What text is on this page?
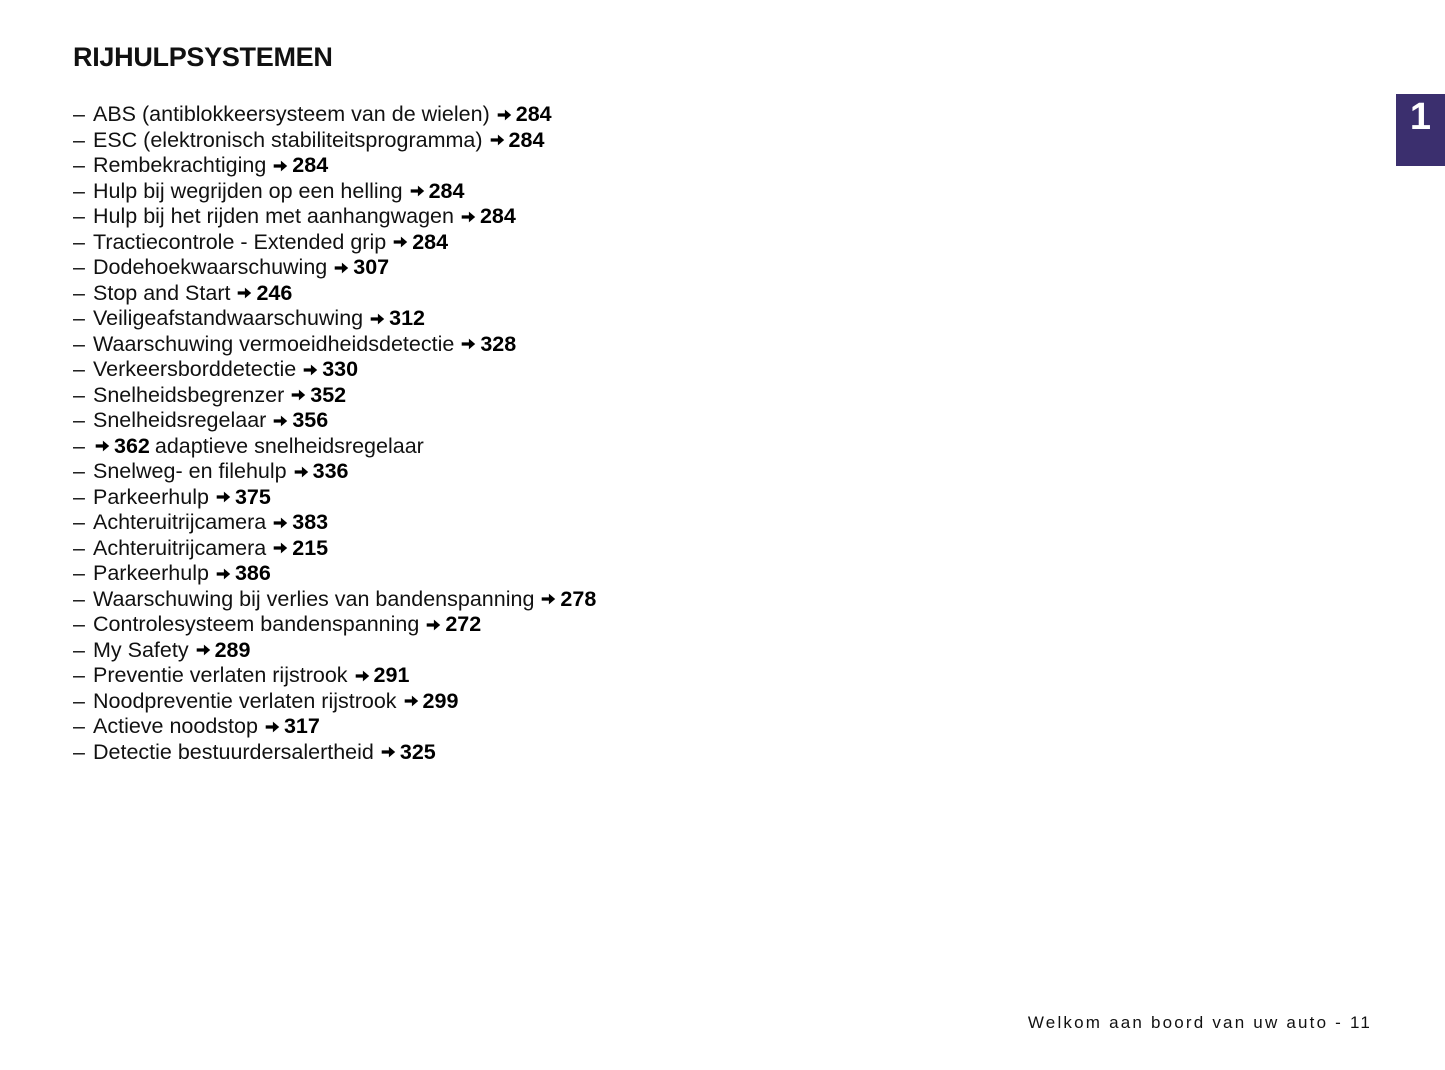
RIJHULPSYSTEMEN
1
– ABS (antiblokkeersysteem van de wielen) 284
– ESC (elektronisch stabiliteitsprogramma) 284
– Rembekrachtiging 284
– Hulp bij wegrijden op een helling 284
– Hulp bij het rijden met aanhangwagen 284
– Tractiecontrole - Extended grip 284
– Dodehoekwaarschuwing 307
– Stop and Start 246
– Veiligeafstandwaarschuwing 312
– Waarschuwing vermoeidheidsdetectie 328
– Verkeersborddetectie 330
– Snelheidsbegrenzer 352
– Snelheidsregelaar 356
–	362 adaptieve snelheidsregelaar
– Snelweg- en filehulp 336
– Parkeerhulp 375
– Achteruitrijcamera 383
– Achteruitrijcamera 215
– Parkeerhulp 386
– Waarschuwing bij verlies van bandenspanning 278
– Controlesysteem bandenspanning 272
– My Safety 289
– Preventie verlaten rijstrook 291
– Noodpreventie verlaten rijstrook 299
– Actieve noodstop 317
– Detectie bestuurdersalertheid 325
Welkom aan boord van uw auto - 11
